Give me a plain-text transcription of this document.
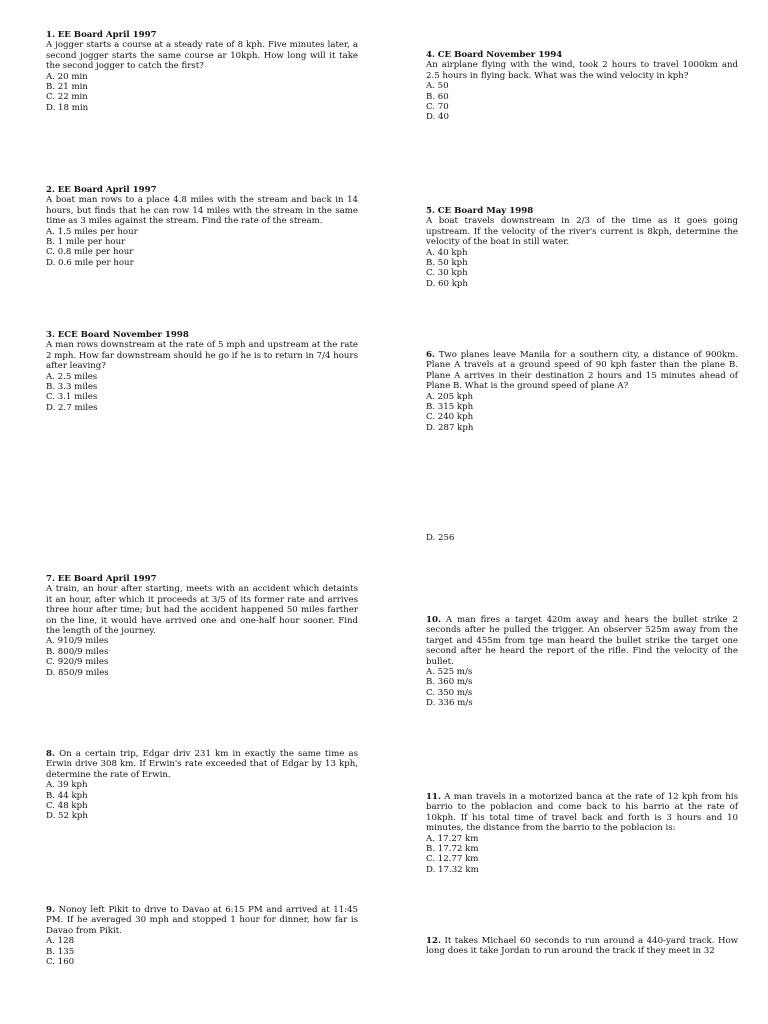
1. EE Board April 1997
A jogger starts a course at a steady rate of 8 kph. Five minutes later, a second jogger starts the same course ar 10kph. How long will it take the second jogger to catch the first?
A. 20 min
B. 21 min
C. 22 min
D. 18 min
2. EE Board April 1997
A boat man rows to a place 4.8 miles with the stream and back in 14 hours, but finds that he can row 14 miles with the stream in the same time as 3 miles against the stream. Find the rate of the stream.
A. 1.5 miles per hour
B. 1 mile per hour
C. 0.8 mile per hour
D. 0.6 mile per hour
3. ECE Board November 1998
A man rows downstream at the rate of 5 mph and upstream at the rate 2 mph. How far downstream should he go if he is to return in 7/4 hours after leaving?
A. 2.5 miles
B. 3.3 miles
C. 3.1 miles
D. 2.7 miles
7. EE Board April 1997
A train, an hour after starting, meets with an accident which detaints it an hour, after which it proceeds at 3/5 of its former rate and arrives three hour after time; but had the accident happened 50 miles farther on the line, it would have arrived one and one-half hour sooner. Find the length of the journey.
A. 910/9 miles
B. 800/9 miles
C. 920/9 miles
D. 850/9 miles
8. On a certain trip, Edgar driv 231 km in exactly the same time as Erwin drive 308 km. If Erwin's rate exceeded that of Edgar by 13 kph, determine the rate of Erwin.
A. 39 kph
B. 44 kph
C. 48 kph
D. 52 kph
9. Nonoy left Pikit to drive to Davao at 6:15 PM and arrived at 11:45 PM. If he averaged 30 mph and stopped 1 hour for dinner, how far is Davao from Pikit.
A. 128
B. 135
C. 160
4. CE Board November 1994
An airplane flying with the wind, took 2 hours to travel 1000km and 2.5 hours in flying back. What was the wind velocity in kph?
A. 50
B. 60
C. 70
D. 40
5. CE Board May 1998
A boat travels downstream in 2/3 of the time as it goes going upstream. If the velocity of the river's current is 8kph, determine the velocity of the boat in still water.
A. 40 kph
B. 50 kph
C. 30 kph
D. 60 kph
6. Two planes leave Manila for a southern city, a distance of 900km. Plane A travels at a ground speed of 90 kph faster than the plane B. Plane A arrives in their destination 2 hours and 15 minutes ahead of Plane B. What is the ground speed of plane A?
A. 205 kph
B. 315 kph
C. 240 kph
D. 287 kph
D. 256
10. A man fires a target 420m away and hears the bullet strike 2 seconds after he pulled the trigger. An observer 525m away from the target and 455m from tge man heard the bullet strike the target one second after he heard the report of the rifle. Find the velocity of the bullet.
A. 525 m/s
B. 360 m/s
C. 350 m/s
D. 336 m/s
11. A man travels in a motorized banca at the rate of 12 kph from his barrio to the poblacion and come back to his barrio at the rate of 10kph. If his total time of travel back and forth is 3 hours and 10 minutes, the distance from the barrio to the poblacion is:
A. 17.27 km
B. 17.72 km
C. 12.77 km
D. 17.32 km
12. It takes Michael 60 seconds to run around a 440-yard track. How long does it take Jordan to run around the track if they meet in 32
